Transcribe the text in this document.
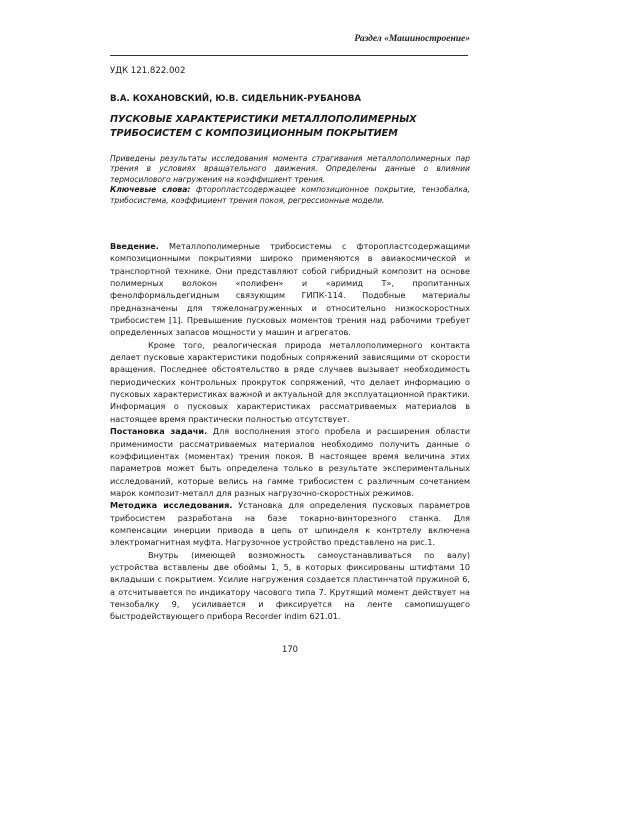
Раздел «Машиностроение»
УДК 121.822.002
В.А. КОХАНОВСКИЙ, Ю.В. СИДЕЛЬНИК-РУБАНОВА
ПУСКОВЫЕ ХАРАКТЕРИСТИКИ МЕТАЛЛОПОЛИМЕРНЫХ ТРИБОСИСТЕМ С КОМПОЗИЦИОННЫМ ПОКРЫТИЕМ
Приведены результаты исследования момента страгивания металлополимерных пар трения в условиях вращательного движения. Определены данные о влиянии термосилового нагружения на коэффициент трения.
Ключевые слова: фторопластсодержащее композиционное покрытие, тензобалка, трибосистема, коэффициент трения покоя, регрессионные модели.

Введение. Металлополимерные трибосистемы с фторопластсодержащими композиционными покрытиями широко применяются в авиакосмической и транспортной технике. Они представляют собой гибридный композит на основе полимерных волокон «полифен» и «аримид Т», пропитанных фенолформальдегидным связующим ГИПК-114. Подобные материалы предназначены для тяжелонагруженных и относительно низкоскоростных трибосистем [1]. Превышение пусковых моментов трения над рабочими требует определенных запасов мощности у машин и агрегатов.

Кроме того, реалогическая природа металлополимерного контакта делает пусковые характеристики подобных сопряжений зависящими от скорости вращения. Последнее обстоятельство в ряде случаев вызывает необходимость периодических контрольных прокруток сопряжений, что делает информацию о пусковых характеристиках важной и актуальной для эксплуатационной практики. Информация о пусковых характеристиках рассматриваемых материалов в настоящее время практически полностью отсутствует.

Постановка задачи. Для восполнения этого пробела и расширения области применимости рассматриваемых материалов необходимо получить данные о коэффициентах (моментах) трения покоя. В настоящее время величина этих параметров может быть определена только в результате экспериментальных исследований, которые велись на гамме трибосистем с различным сочетанием марок композит-металл для разных нагрузочно-скоростных режимов.

Методика исследования. Установка для определения пусковых параметров трибосистем разработана на базе токарно-винторезного станка. Для компенсации инерции привода в цепь от шпинделя к контртелу включена электромагнитная муфта. Нагрузочное устройство представлено на рис.1.

Внутрь (имеющей возможность самоустанавливаться по валу) устройства вставлены две обоймы 1, 5, в которых фиксированы штифтами 10 вкладыши с покрытием. Усилие нагружения создается пластинчатой пружиной 6, а отсчитывается по индикатору часового типа 7. Крутящий момент действует на тензобалку 9, усиливается и фиксируется на ленте самопишущего быстродействующего прибора Recorder indim 621.01.

170
